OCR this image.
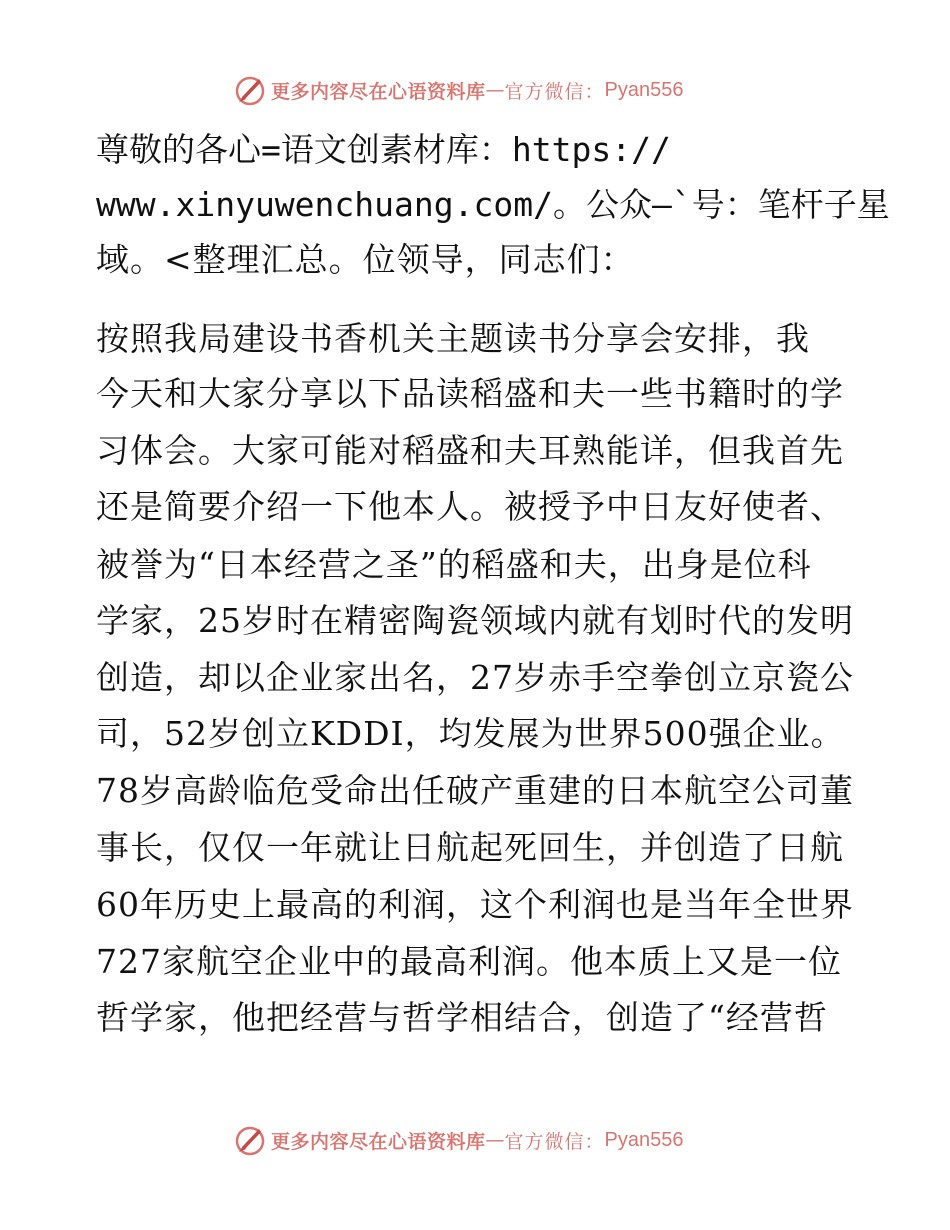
更多内容尽在心语资料库 — 官方微信： Pyan556
尊敬的各心=语文创素材库：https://
www.xinyuwenchuang.com/。公众—`号：笔杆子星
域。<整理汇总。位领导，同志们：
按照我局建设书香机关主题读书分享会安排，我
今天和大家分享以下品读稻盛和夫一些书籍时的学
习体会。大家可能对稻盛和夫耳熟能详，但我首先
还是简要介绍一下他本人。被授予中日友好使者、
被誉为“日本经营之圣”的稻盛和夫，出身是位科
学家，25岁时在精密陶瓷领域内就有划时代的发明
创造，却以企业家出名，27岁赤手空拳创立京瓷公
司，52岁创立KDDI，均发展为世界500强企业。
78岁高龄临危受命出任破产重建的日本航空公司董
事长，仅仅一年就让日航起死回生，并创造了日航
60年历史上最高的利润，这个利润也是当年全世界
727家航空企业中的最高利润。他本质上又是一位
哲学家，他把经营与哲学相结合，创造了“经营哲
更多内容尽在心语资料库 — 官方微信： Pyan556
